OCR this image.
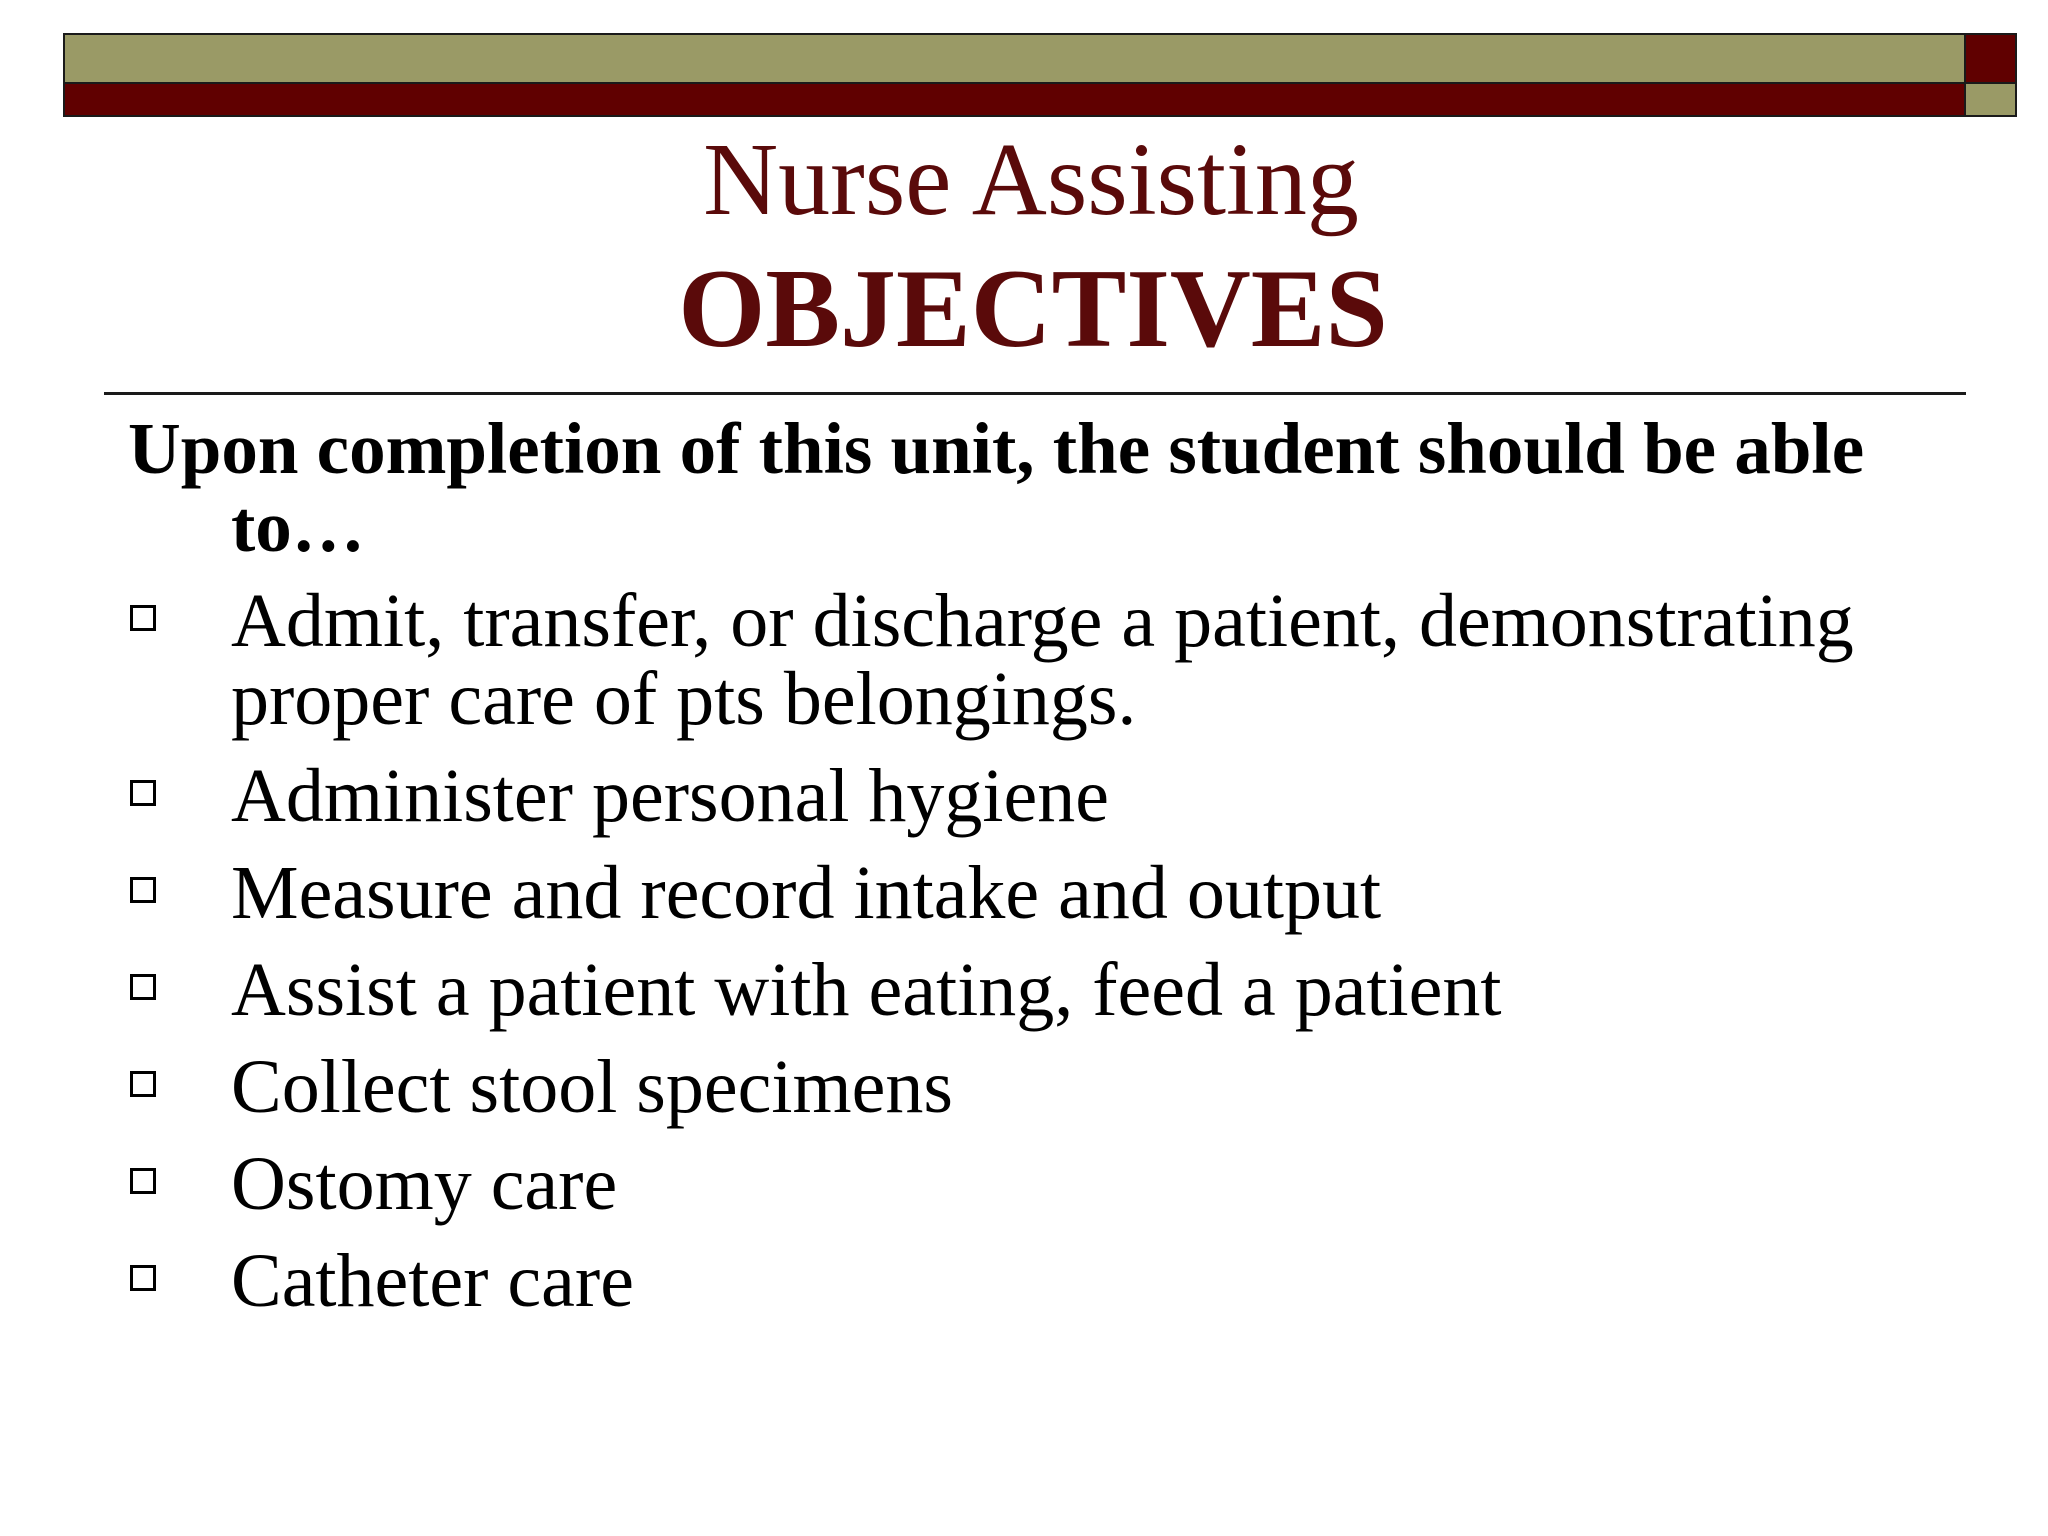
Nurse Assisting
OBJECTIVES

Upon completion of this unit, the student should be able to…

Admit, transfer, or discharge a patient, demonstrating proper care of pts belongings.
Administer personal hygiene
Measure and record intake and output
Assist a patient with eating, feed a patient
Collect stool specimens
Ostomy care
Catheter care
